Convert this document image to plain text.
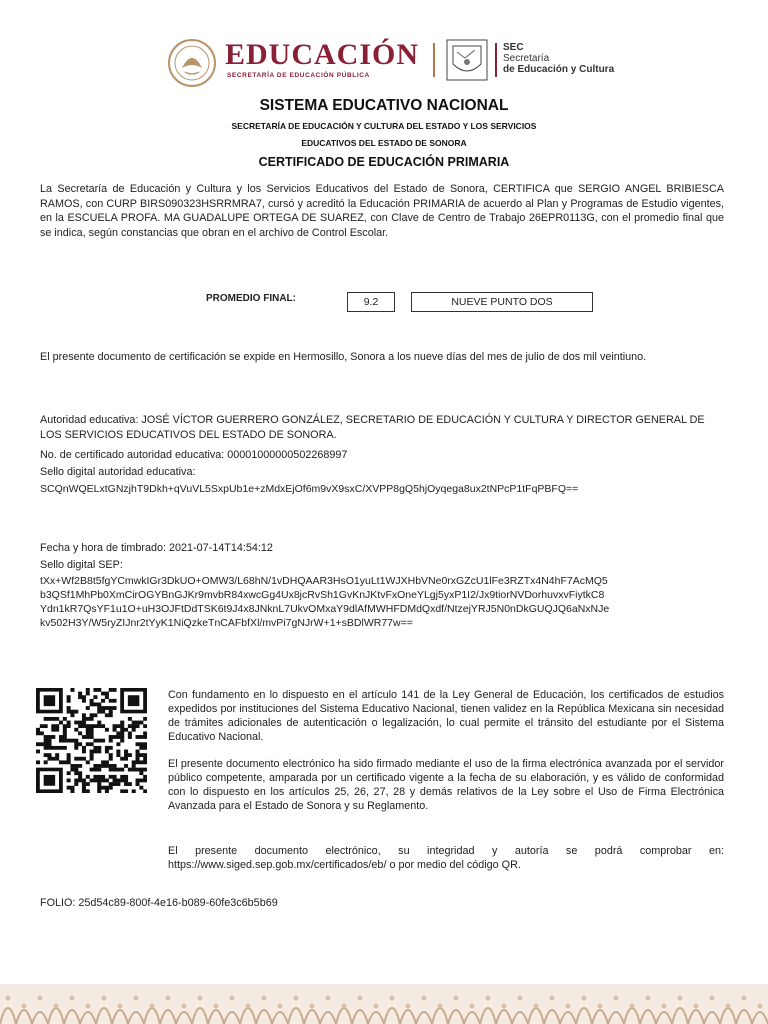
EDUCACIÓN
SECRETARÍA DE EDUCACIÓN PÚBLICA
SEC
Secretaría
de Educación y Cultura
SISTEMA EDUCATIVO NACIONAL
SECRETARÍA DE EDUCACIÓN Y CULTURA DEL ESTADO Y LOS SERVICIOS
EDUCATIVOS DEL ESTADO DE SONORA
CERTIFICADO DE EDUCACIÓN PRIMARIA
La Secretaría de Educación y Cultura y los Servicios Educativos del Estado de Sonora, CERTIFICA que SERGIO ANGEL BRIBIESCA RAMOS, con CURP BIRS090323HSRRMRA7, cursó y acreditó la Educación PRIMARIA de acuerdo al Plan y Programas de Estudio vigentes, en la ESCUELA PROFA. MA GUADALUPE ORTEGA DE SUAREZ, con Clave de Centro de Trabajo 26EPR0113G, con el promedio final que se indica, según constancias que obran en el archivo de Control Escolar.
PROMEDIO FINAL:	9.2	NUEVE PUNTO DOS
El presente documento de certificación se expide en Hermosillo, Sonora a los nueve días del mes de julio de dos mil veintiuno.
Autoridad educativa: JOSÉ VÍCTOR GUERRERO GONZÁLEZ, SECRETARIO DE EDUCACIÓN Y CULTURA Y DIRECTOR GENERAL DE LOS SERVICIOS EDUCATIVOS DEL ESTADO DE SONORA.
No. de certificado autoridad educativa: 00001000000502268997
Sello digital autoridad educativa:
SCQnWQELxtGNzjhT9Dkh+qVuVL5SxpUb1e+zMdxEjOf6m9vX9sxC/XVPP8gQ5hjOyqega8ux2tNPcP1tFqPBFQ==
Fecha y hora de timbrado: 2021-07-14T14:54:12
Sello digital SEP:
tXx+Wf2B8t5fgYCmwkIGr3DkUO+OMW3/L68hN/1vDHQAAR3HsO1yuLt1WJXHbVNe0rxGZcU1lFe3RZTx4N4hF7AcMQ5
b3QSf1MhPb0XmCirOGYBnGJKr9mvbR84xwcGg4Ux8jcRvSh1GvKnJKtvFxOneYLgj5yxP1I2/Jx9tiorNVDorhuvxvFiytkC8
Ydn1kR7QsYF1u1O+uH3OJFtDdTSK6t9J4x8JNknL7UkvOMxaY9dlAfMWHFDMdQxdf/NtzejYRJ5N0nDkGUQJQ6aNxNJe
kv502H3Y/W5ryZIJnr2tYyK1NiQzkeTnCAFbfXl/mvPi7gNJrW+1+sBDlWR77w==
Con fundamento en lo dispuesto en el artículo 141 de la Ley General de Educación, los certificados de estudios expedidos por instituciones del Sistema Educativo Nacional, tienen validez en la República Mexicana sin necesidad de trámites adicionales de autenticación o legalización, lo cual permite el tránsito del estudiante por el Sistema Educativo Nacional.
El presente documento electrónico ha sido firmado mediante el uso de la firma electrónica avanzada por el servidor público competente, amparada por un certificado vigente a la fecha de su elaboración, y es válido de conformidad con lo dispuesto en los artículos 25, 26, 27, 28 y demás relativos de la Ley sobre el Uso de Firma Electrónica Avanzada para el Estado de Sonora y su Reglamento.
El presente documento electrónico, su integridad y autoría se podrá comprobar en: https://www.siged.sep.gob.mx/certificados/eb/ o por medio del código QR.
FOLIO: 25d54c89-800f-4e16-b089-60fe3c6b5b69
